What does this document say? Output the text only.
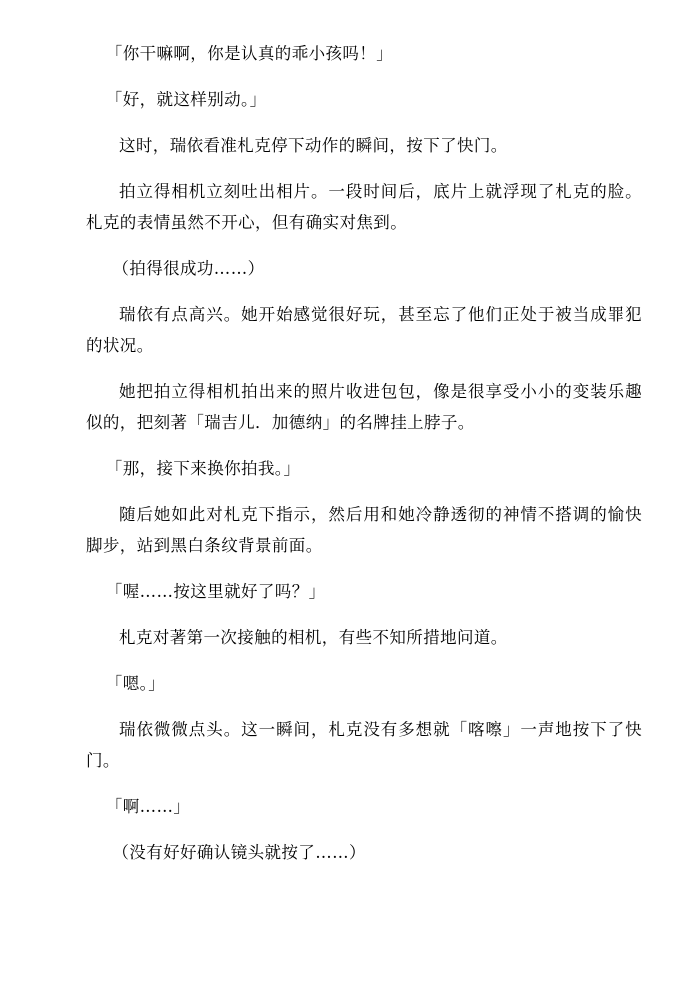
「你干嘛啊，你是认真的乖小孩吗！」

「好，就这样别动。」

这时，瑞依看准札克停下动作的瞬间，按下了快门。

拍立得相机立刻吐出相片。一段时间后，底片上就浮现了札克的脸。札克的表情虽然不开心，但有确实对焦到。

（拍得很成功……）

瑞依有点高兴。她开始感觉很好玩，甚至忘了他们正处于被当成罪犯的状况。

她把拍立得相机拍出来的照片收进包包，像是很享受小小的变装乐趣似的，把刻著「瑞吉儿．加德纳」的名牌挂上脖子。

「那，接下来换你拍我。」

随后她如此对札克下指示，然后用和她冷静透彻的神情不搭调的愉快脚步，站到黑白条纹背景前面。

「喔……按这里就好了吗？」

札克对著第一次接触的相机，有些不知所措地问道。

「嗯。」

瑞依微微点头。这一瞬间，札克没有多想就「喀嚓」一声地按下了快门。

「啊……」

（没有好好确认镜头就按了……）
